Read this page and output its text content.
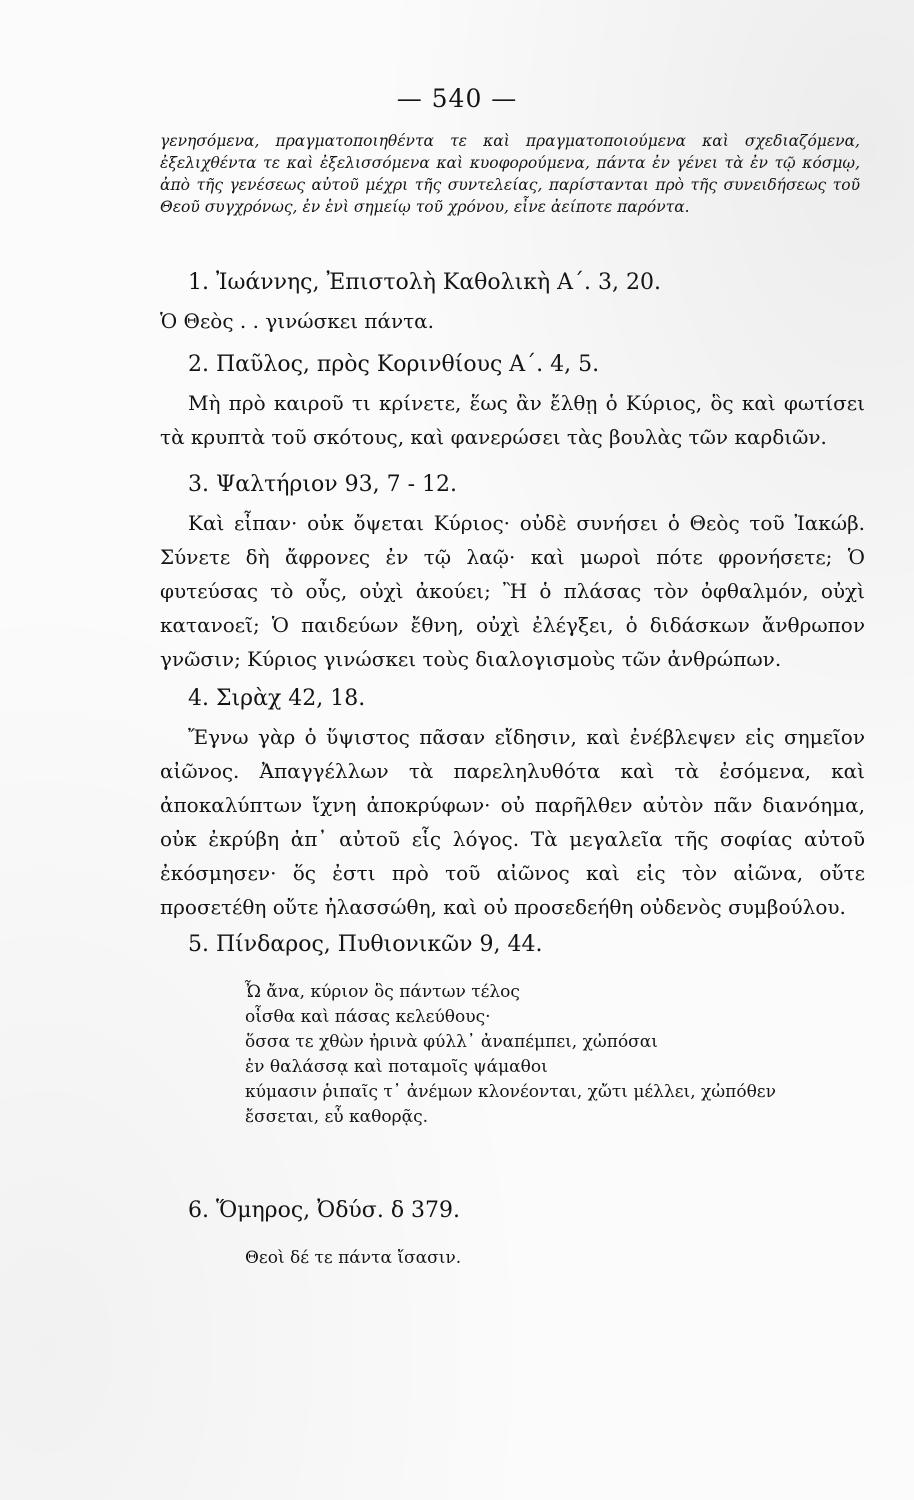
— 540 —

γενησόμενα, πραγματοποιηθέντα τε καὶ πραγματοποιούμενα καὶ σχεδιαζόμενα, ἐξελιχθέντα τε καὶ ἐξελισσόμενα καὶ κυοφορούμενα, πάντα ἐν γένει τὰ ἐν τῷ κόσμῳ, ἀπὸ τῆς γενέσεως αὐτοῦ μέχρι τῆς συντελείας, παρίστανται πρὸ τῆς συνειδήσεως τοῦ Θεοῦ συγχρόνως, ἐν ἑνὶ σημείῳ τοῦ χρόνου, εἶνε ἀείποτε παρόντα.

1. Ἰωάννης, Ἐπιστολὴ Καθολικὴ Α΄. 3, 20.

Ὁ Θεὸς . . γινώσκει πάντα.

2. Παῦλος, πρὸς Κορινθίους Α΄. 4, 5.

Μὴ πρὸ καιροῦ τι κρίνετε, ἕως ἂν ἔλθῃ ὁ Κύριος, ὃς καὶ φωτίσει τὰ κρυπτὰ τοῦ σκότους, καὶ φανερώσει τὰς βουλὰς τῶν καρδιῶν.

3. Ψαλτήριον 93, 7 - 12.

Καὶ εἶπαν· οὐκ ὄψεται Κύριος· οὐδὲ συνήσει ὁ Θεὸς τοῦ Ἰακώβ. Σύνετε δὴ ἄφρονες ἐν τῷ λαῷ· καὶ μωροὶ πότε φρονήσετε; Ὁ φυτεύσας τὸ οὖς, οὐχὶ ἀκούει; Ἢ ὁ πλάσας τὸν ὀφθαλμόν, οὐχὶ κατανοεῖ; Ὁ παιδεύων ἔθνη, οὐχὶ ἐλέγξει, ὁ διδάσκων ἄνθρωπον γνῶσιν; Κύριος γινώσκει τοὺς διαλογισμοὺς τῶν ἀνθρώπων.

4. Σιρὰχ 42, 18.

Ἔγνω γὰρ ὁ ὕψιστος πᾶσαν εἴδησιν, καὶ ἐνέβλεψεν εἰς σημεῖον αἰῶνος. Ἀπαγγέλλων τὰ παρεληλυθότα καὶ τὰ ἐσόμενα, καὶ ἀποκαλύπτων ἴχνη ἀποκρύφων· οὐ παρῆλθεν αὐτὸν πᾶν διανόημα, οὐκ ἐκρύβη ἀπ᾽ αὐτοῦ εἷς λόγος. Τὰ μεγαλεῖα τῆς σοφίας αὐτοῦ ἐκόσμησεν· ὅς ἐστι πρὸ τοῦ αἰῶνος καὶ εἰς τὸν αἰῶνα, οὔτε προσετέθη οὔτε ἠλασσώθη, καὶ οὐ προσεδεήθη οὐδενὸς συμβούλου.

5. Πίνδαρος, Πυθιονικῶν 9, 44.

Ὦ ἄνα, κύριον ὃς πάντων τέλος
οἶσθα καὶ πάσας κελεύθους·
ὅσσα τε χθὼν ἠρινὰ φύλλ᾽ ἀναπέμπει, χὠπόσαι
ἐν θαλάσσᾳ καὶ ποταμοῖς ψάμαθοι
κύμασιν ῥιπαῖς τ᾽ ἀνέμων κλονέονται, χὤτι μέλλει, χὠπόθεν
ἔσσεται, εὖ καθορᾷς.

6. Ὅμηρος, Ὀδύσ. δ 379.

Θεοὶ δέ τε πάντα ἴσασιν.
